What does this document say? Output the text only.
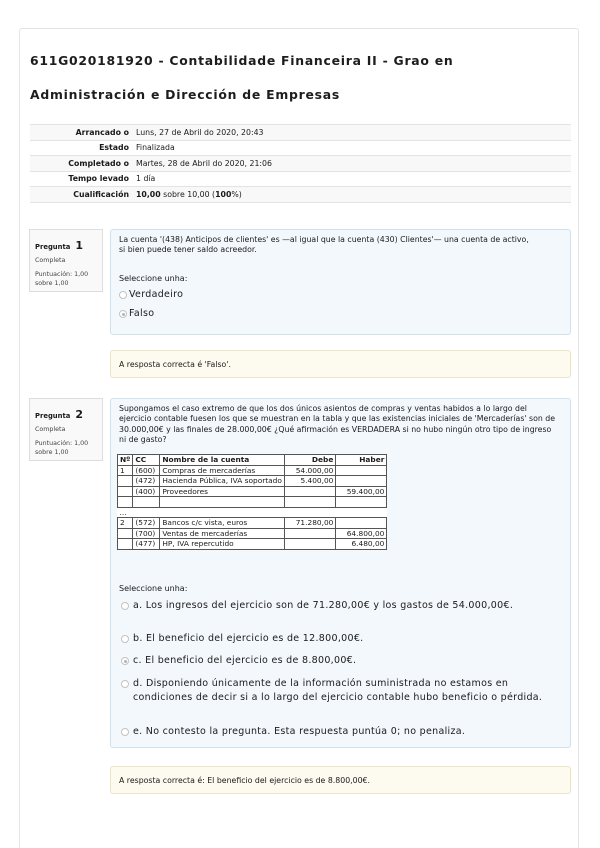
611G020181920 - Contabilidade Financeira II - Grao en Administración e Dirección de Empresas
Arrancado o Luns, 27 de Abril do 2020, 20:43
Estado Finalizada
Completado o Martes, 28 de Abril do 2020, 21:06
Tempo levado 1 día
Cualificación 10,00 sobre 10,00 (100%)
Pregunta 1
Completa
Puntuación: 1,00 sobre 1,00
La cuenta '(438) Anticipos de clientes' es —al igual que la cuenta (430) Clientes'— una cuenta de activo, si bien puede tener saldo acreedor.
Seleccione unha:
Verdadeiro
Falso
A resposta correcta é 'Falso'.
Pregunta 2
Completa
Puntuación: 1,00 sobre 1,00
Supongamos el caso extremo de que los dos únicos asientos de compras y ventas habidos a lo largo del ejercicio contable fuesen los que se muestran en la tabla y que las existencias iniciales de 'Mercaderías' son de 30.000,00€ y las finales de 28.000,00€ ¿Qué afirmación es VERDADERA si no hubo ningún otro tipo de ingreso ni de gasto?
Nº	CC	Nombre de la cuenta	Debe	Haber
1	(600)	Compras de mercaderías	54.000,00	
	(472)	Hacienda Pública, IVA soportado	5.400,00	
	(400)	Proveedores		59.400,00

...				
2	(572)	Bancos c/c vista, euros	71.280,00	
	(700)	Ventas de mercaderías		64.800,00
	(477)	HP, IVA repercutido		6.480,00
Seleccione unha:
a. Los ingresos del ejercicio son de 71.280,00€ y los gastos de 54.000,00€.
b. El beneficio del ejercicio es de 12.800,00€.
c. El beneficio del ejercicio es de 8.800,00€.
d. Disponiendo únicamente de la información suministrada no estamos en condiciones de decir si a lo largo del ejercicio contable hubo beneficio o pérdida.
e. No contesto la pregunta. Esta respuesta puntúa 0; no penaliza.
A resposta correcta é: El beneficio del ejercicio es de 8.800,00€.
